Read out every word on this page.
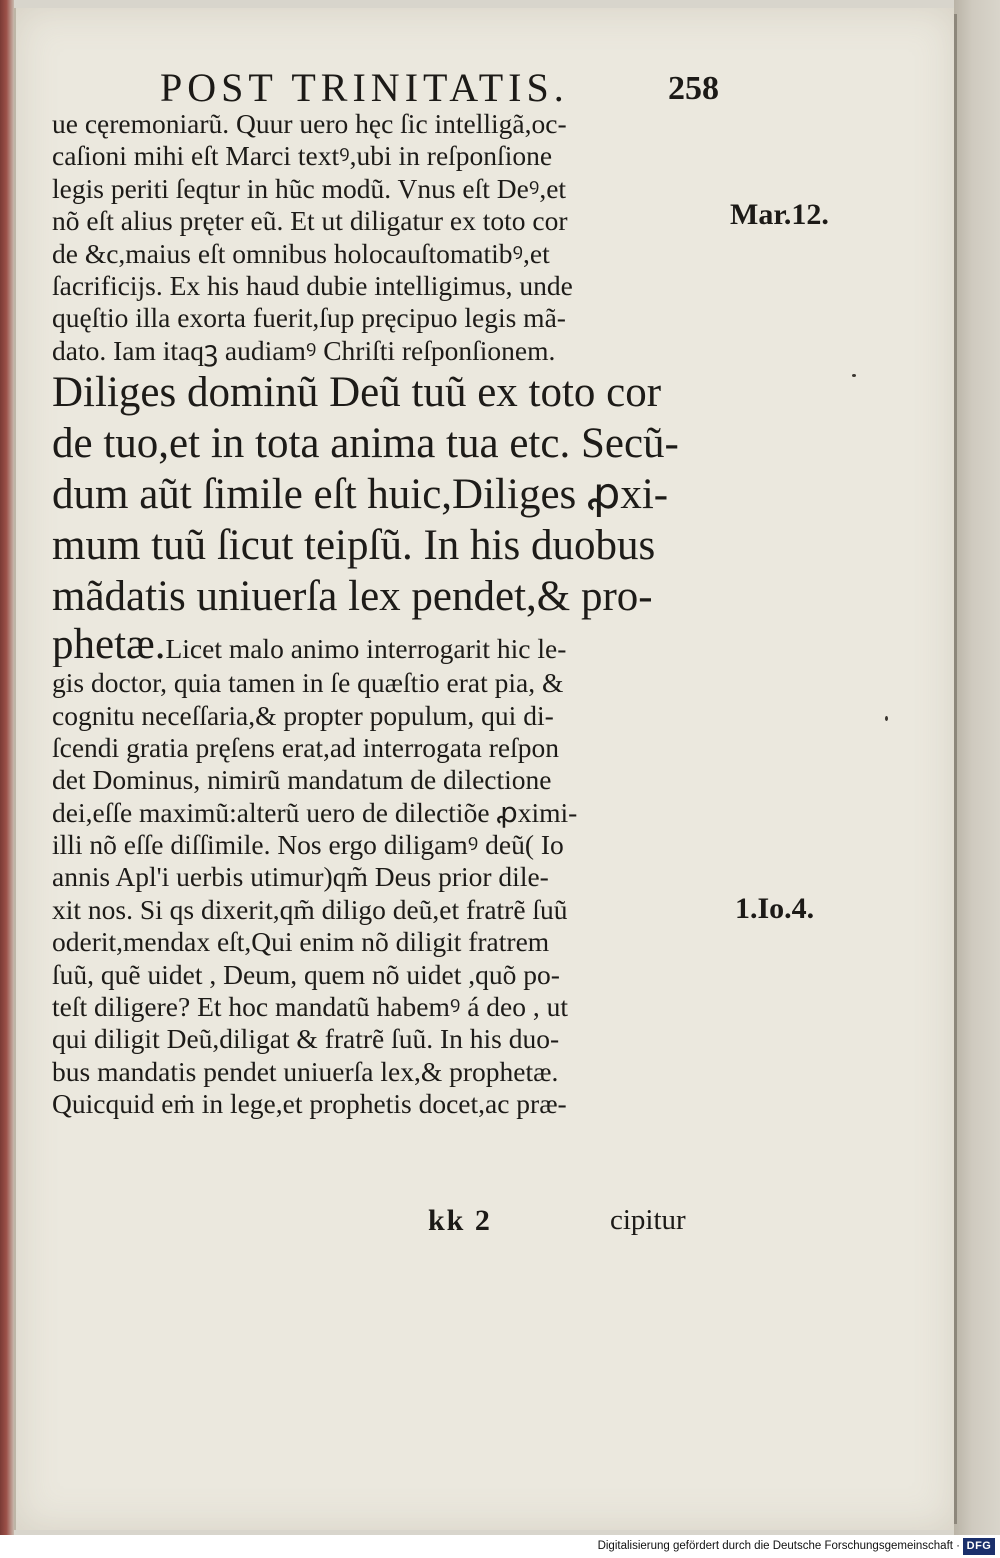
POST TRINITATIS.	258
ue cęremoniarũ. Quur uero hęc ſic intelligã,oc‑
caſioni mihi eſt Marci textꝰ,ubi in reſponſione
legis periti ſeqtur in hũc modũ. Vnus eſt Deꝰ,et
nõ eſt alius pręter eũ. Et ut diligatur ex toto cor
de &c,maius eſt omnibus holocauſtomatibꝰ,et
ſacrificijs. Ex his haud dubie intelligimus, unde
quęſtio illa exorta fuerit,ſup pręcipuo legis mã‑
dato. Iam itaqꝫ audiamꝰ Chriſti reſponſionem.
Diliges dominũ Deũ tuũ ex toto cor
de tuo,et in tota anima tua etc. Secũ‑
dum aũt ſimile eſt huic,Diliges ꝓxi‑
mum tuũ ſicut teipſũ. In his duobus
mãdatis uniuerſa lex pendet,& pro‑
phetæ.Licet malo animo interrogarit hic le‑
gis doctor, quia tamen in ſe quæſtio erat pia, &
cognitu neceſſaria,& propter populum, qui di‑
ſcendi gratia pręſens erat,ad interrogata reſpon
det Dominus, nimirũ mandatum de dilectione
dei,eſſe maximũ:alterũ uero de dilectiõe ꝓximi‑
illi nõ eſſe diſſimile. Nos ergo diligamꝰ deũ( Io
annis Apl'i uerbis utimur)qm̃ Deus prior dile‑
xit nos. Si qs dixerit,qm̃ diligo deũ,et fratrẽ ſuũ
oderit,mendax eſt,Qui enim nõ diligit fratrem
ſuũ, quẽ uidet , Deum, quem nõ uidet ,quõ po‑
teſt diligere? Et hoc mandatũ habemꝰ á deo , ut
qui diligit Deũ,diligat & fratrẽ ſuũ. In his duo‑
bus mandatis pendet uniuerſa lex,& prophetæ.
Quicquid eṁ in lege,et prophetis docet,ac præ‑
Mar.12.
1.Io.4.
kk 2	cipitur
Digitalisierung gefördert durch die Deutsche Forschungsgemeinschaft · DFG
